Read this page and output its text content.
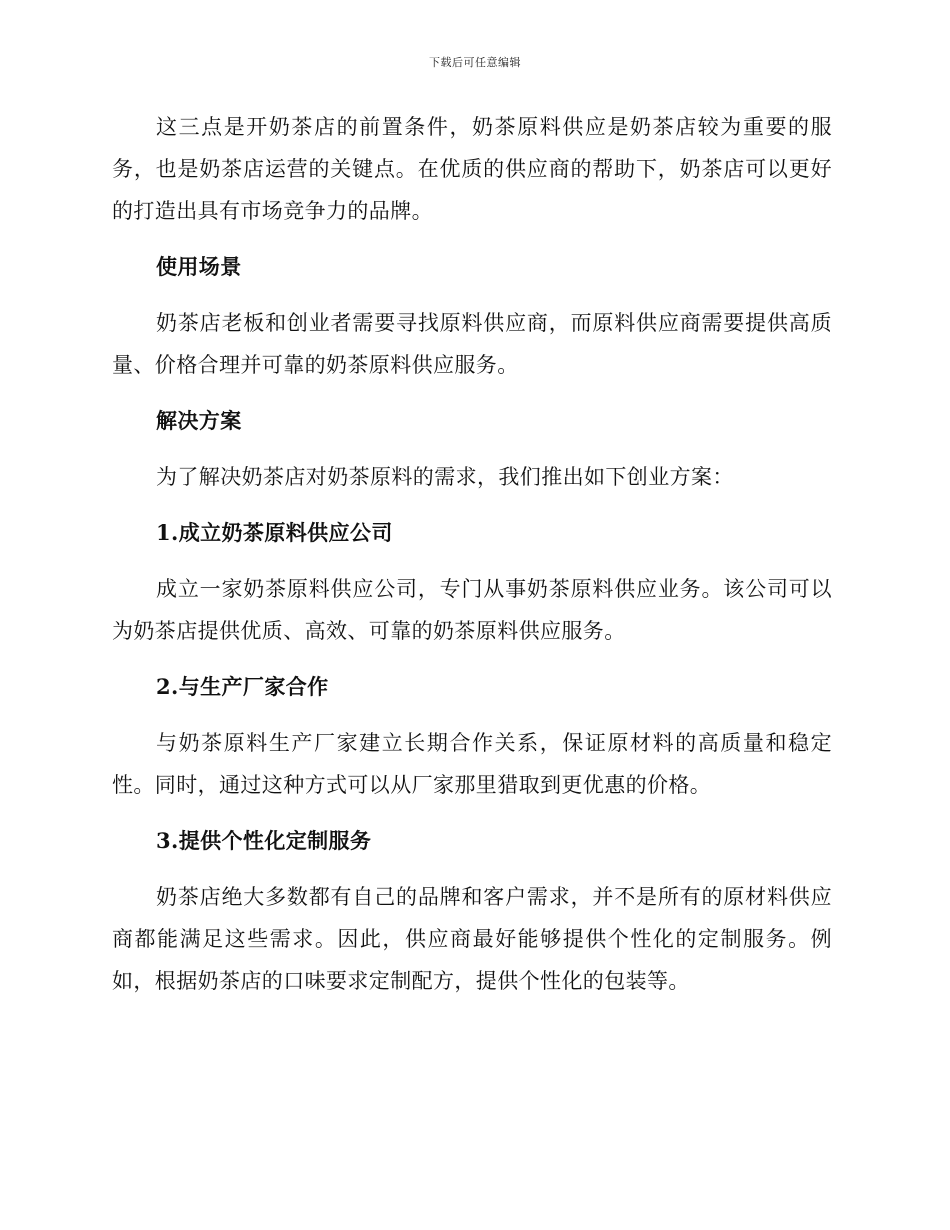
下载后可任意编辑

这三点是开奶茶店的前置条件，奶茶原料供应是奶茶店较为重要的服务，也是奶茶店运营的关键点。在优质的供应商的帮助下，奶茶店可以更好的打造出具有市场竞争力的品牌。

使用场景

奶茶店老板和创业者需要寻找原料供应商，而原料供应商需要提供高质量、价格合理并可靠的奶茶原料供应服务。

解决方案

为了解决奶茶店对奶茶原料的需求，我们推出如下创业方案：

1.成立奶茶原料供应公司

成立一家奶茶原料供应公司，专门从事奶茶原料供应业务。该公司可以为奶茶店提供优质、高效、可靠的奶茶原料供应服务。

2.与生产厂家合作

与奶茶原料生产厂家建立长期合作关系，保证原材料的高质量和稳定性。同时，通过这种方式可以从厂家那里猎取到更优惠的价格。

3.提供个性化定制服务

奶茶店绝大多数都有自己的品牌和客户需求，并不是所有的原材料供应商都能满足这些需求。因此，供应商最好能够提供个性化的定制服务。例如，根据奶茶店的口味要求定制配方，提供个性化的包装等。
